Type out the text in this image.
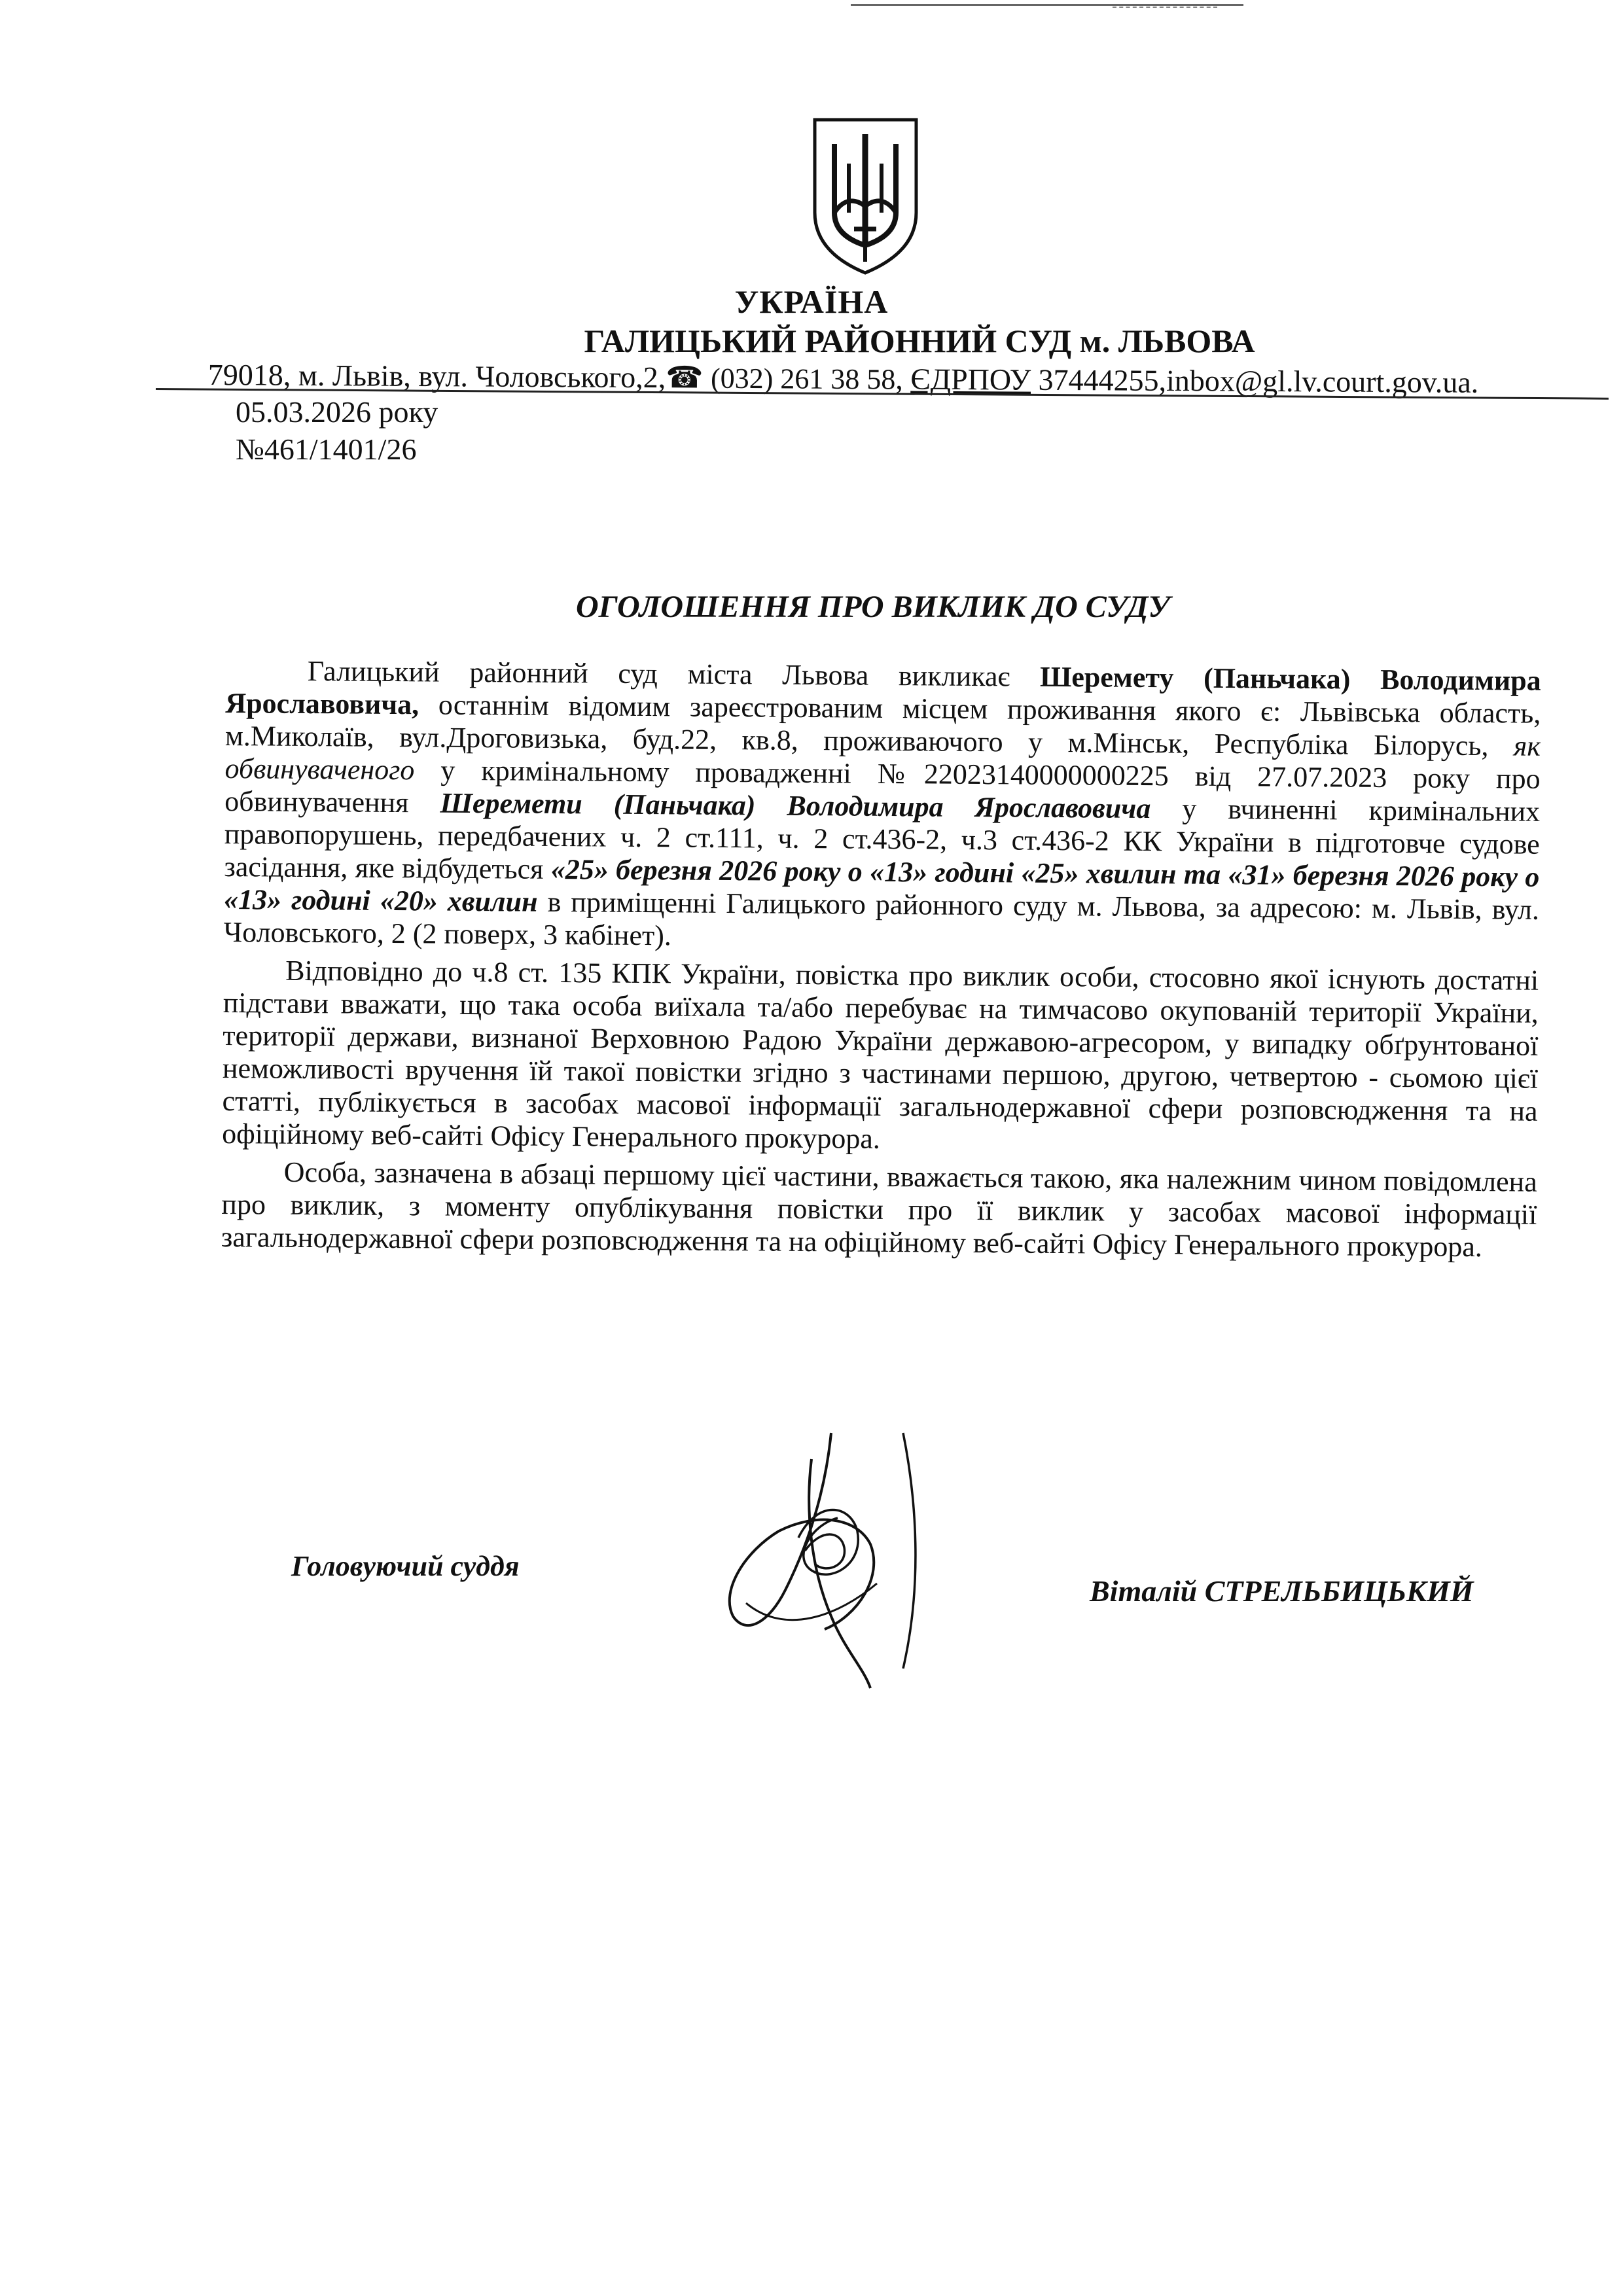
УКРАЇНА
ГАЛИЦЬКИЙ РАЙОННИЙ СУД м. ЛЬВОВА
79018, м. Львів, вул. Чоловського,2,☎ (032) 261 38 58, ЄДРПОУ 37444255,inbox@gl.lv.court.gov.ua.
05.03.2026 року
№461/1401/26
ОГОЛОШЕННЯ ПРО ВИКЛИК ДО СУДУ

Галицький районний суд міста Львова викликає Шеремету (Паньчака) Володимира Ярославовича, останнім відомим зареєстрованим місцем проживання якого є: Львівська область, м.Миколаїв, вул.Дроговизька, буд.22, кв.8, проживаючого у м.Мінськ, Республіка Білорусь, як обвинуваченого у кримінальному провадженні №22023140000000225 від 27.07.2023 року про обвинувачення Шеремети (Паньчака) Володимира Ярославовича у вчиненні кримінальних правопорушень, передбачених ч. 2 ст.111, ч. 2 ст.436-2, ч.3 ст.436-2 КК України в підготовче судове засідання, яке відбудеться «25» березня 2026 року о «13» годині «25» хвилин та «31» березня 2026 року о «13» годині «20» хвилин в приміщенні Галицького районного суду м. Львова, за адресою: м. Львів, вул. Чоловського, 2 (2 поверх, 3 кабінет).

Відповідно до ч.8 ст. 135 КПК України, повістка про виклик особи, стосовно якої існують достатні підстави вважати, що така особа виїхала та/або перебуває на тимчасово окупованій території України, території держави, визнаної Верховною Радою України державою-агресором, у випадку обґрунтованої неможливості вручення їй такої повістки згідно з частинами першою, другою, четвертою - сьомою цієї статті, публікується в засобах масової інформації загальнодержавної сфери розповсюдження та на офіційному веб-сайті Офісу Генерального прокурора.

Особа, зазначена в абзаці першому цієї частини, вважається такою, яка належним чином повідомлена про виклик, з моменту опублікування повістки про її виклик у засобах масової інформації загальнодержавної сфери розповсюдження та на офіційному веб-сайті Офісу Генерального прокурора.

Головуючий суддя
Віталій СТРЕЛЬБИЦЬКИЙ
